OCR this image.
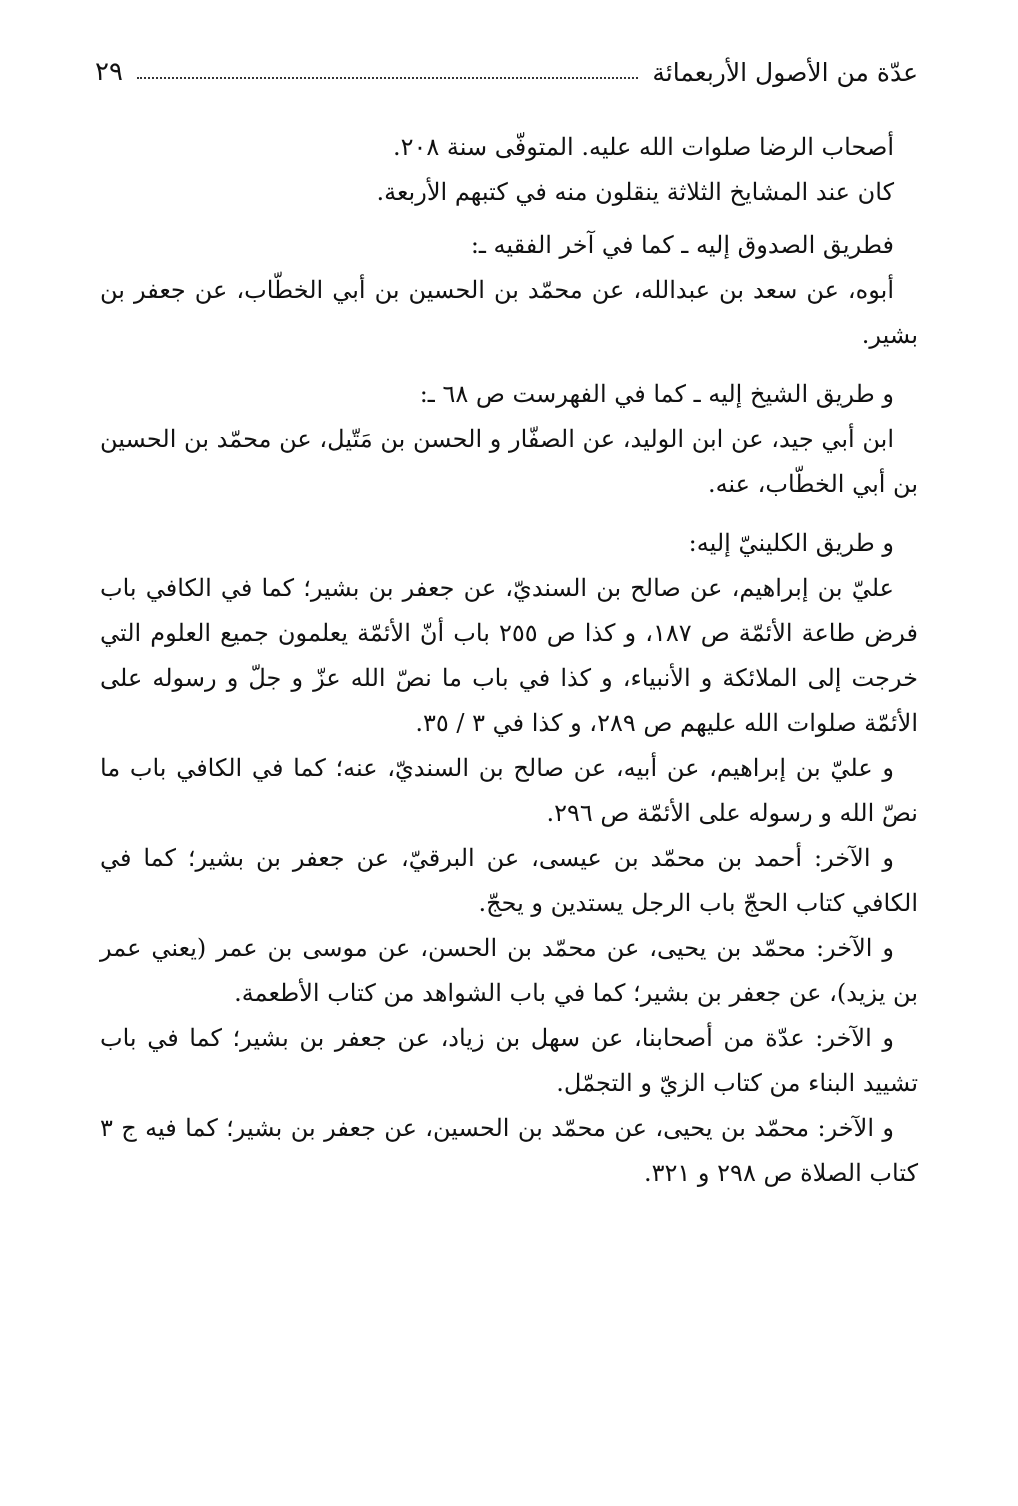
عدّة من الأصول الأربعمائة
٢٩

أصحاب الرضا صلوات الله عليه. المتوفّى سنة ٢٠٨.

كان عند المشايخ الثلاثة ينقلون منه في كتبهم الأربعة.

فطريق الصدوق إليه ـ كما في آخر الفقيه ـ:

أبوه، عن سعد بن عبدالله، عن محمّد بن الحسين بن أبي الخطّاب، عن جعفر بن بشير.

و طريق الشيخ إليه ـ كما في الفهرست ص ٦٨ ـ:

ابن أبي جيد، عن ابن الوليد، عن الصفّار و الحسن بن مَتّيل، عن محمّد بن الحسين بن أبي الخطّاب، عنه.

و طريق الكلينيّ إليه:

عليّ بن إبراهيم، عن صالح بن السنديّ، عن جعفر بن بشير؛ كما في الكافي باب فرض طاعة الأئمّة ص ١٨٧، و كذا ص ٢٥٥ باب أنّ الأئمّة يعلمون جميع العلوم التي خرجت إلى الملائكة و الأنبياء، و كذا في باب ما نصّ الله عزّ و جلّ و رسوله على الأئمّة صلوات الله عليهم ص ٢٨٩، و كذا في ٣ / ٣٥.

و عليّ بن إبراهيم، عن أبيه، عن صالح بن السنديّ، عنه؛ كما في الكافي باب ما نصّ الله و رسوله على الأئمّة ص ٢٩٦.

و الآخر: أحمد بن محمّد بن عيسى، عن البرقيّ، عن جعفر بن بشير؛ كما في الكافي كتاب الحجّ باب الرجل يستدين و يحجّ.

و الآخر: محمّد بن يحيى، عن محمّد بن الحسن، عن موسى بن عمر (يعني عمر بن يزيد)، عن جعفر بن بشير؛ كما في باب الشواهد من كتاب الأطعمة.

و الآخر: عدّة من أصحابنا، عن سهل بن زياد، عن جعفر بن بشير؛ كما في باب تشييد البناء من كتاب الزيّ و التجمّل.

و الآخر: محمّد بن يحيى، عن محمّد بن الحسين، عن جعفر بن بشير؛ كما فيه ج ٣ كتاب الصلاة ص ٢٩٨ و ٣٢١.
